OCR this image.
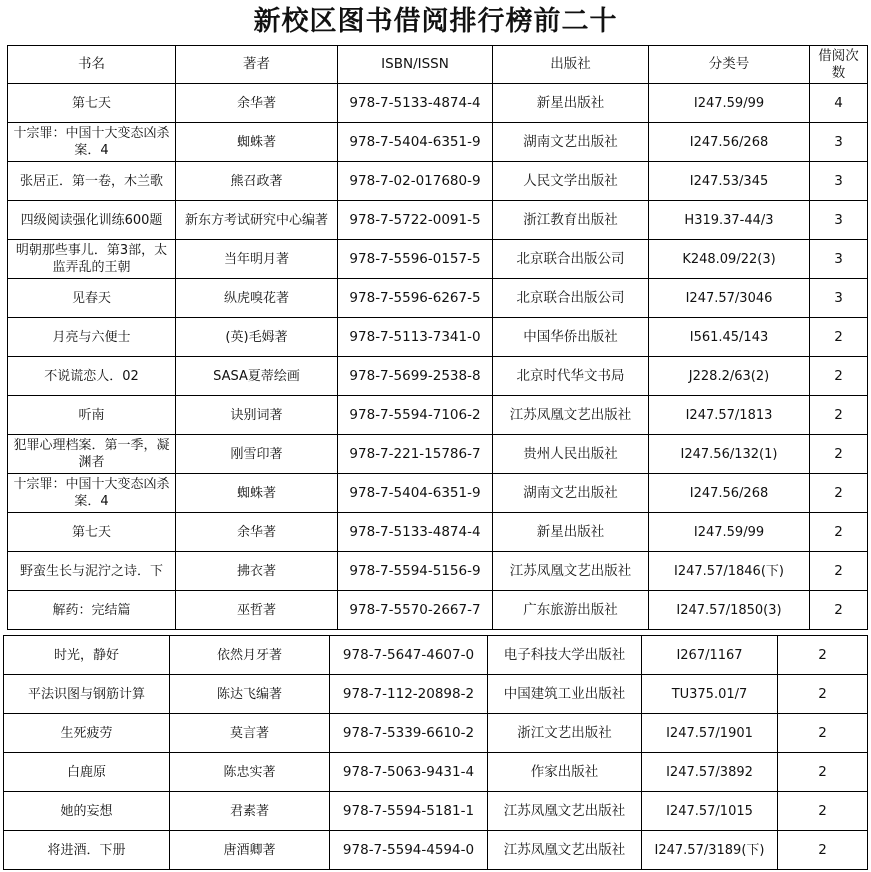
新校区图书借阅排行榜前二十
书名	著者	ISBN/ISSN	出版社	分类号	借阅次数
第七天	余华著	978-7-5133-4874-4	新星出版社	I247.59/99	4
十宗罪：中国十大变态凶杀案．4	蜘蛛著	978-7-5404-6351-9	湖南文艺出版社	I247.56/268	3
张居正．第一卷，木兰歌	熊召政著	978-7-02-017680-9	人民文学出版社	I247.53/345	3
四级阅读强化训练600题	新东方考试研究中心编著	978-7-5722-0091-5	浙江教育出版社	H319.37-44/3	3
明朝那些事儿．第3部，太监弄乱的王朝	当年明月著	978-7-5596-0157-5	北京联合出版公司	K248.09/22(3)	3
见春天	纵虎嗅花著	978-7-5596-6267-5	北京联合出版公司	I247.57/3046	3
月亮与六便士	(英)毛姆著	978-7-5113-7341-0	中国华侨出版社	I561.45/143	2
不说谎恋人．02	SASA夏蒂绘画	978-7-5699-2538-8	北京时代华文书局	J228.2/63(2)	2
听南	诀别词著	978-7-5594-7106-2	江苏凤凰文艺出版社	I247.57/1813	2
犯罪心理档案．第一季，凝渊者	刚雪印著	978-7-221-15786-7	贵州人民出版社	I247.56/132(1)	2
十宗罪：中国十大变态凶杀案．4	蜘蛛著	978-7-5404-6351-9	湖南文艺出版社	I247.56/268	2
第七天	余华著	978-7-5133-4874-4	新星出版社	I247.59/99	2
野蛮生长与泥泞之诗．下	拂衣著	978-7-5594-5156-9	江苏凤凰文艺出版社	I247.57/1846(下)	2
解药：完结篇	巫哲著	978-7-5570-2667-7	广东旅游出版社	I247.57/1850(3)	2
时光，静好	依然月牙著	978-7-5647-4607-0	电子科技大学出版社	I267/1167	2
平法识图与钢筋计算	陈达飞编著	978-7-112-20898-2	中国建筑工业出版社	TU375.01/7	2
生死疲劳	莫言著	978-7-5339-6610-2	浙江文艺出版社	I247.57/1901	2
白鹿原	陈忠实著	978-7-5063-9431-4	作家出版社	I247.57/3892	2
她的妄想	君素著	978-7-5594-5181-1	江苏凤凰文艺出版社	I247.57/1015	2
将进酒．下册	唐酒卿著	978-7-5594-4594-0	江苏凤凰文艺出版社	I247.57/3189(下)	2
